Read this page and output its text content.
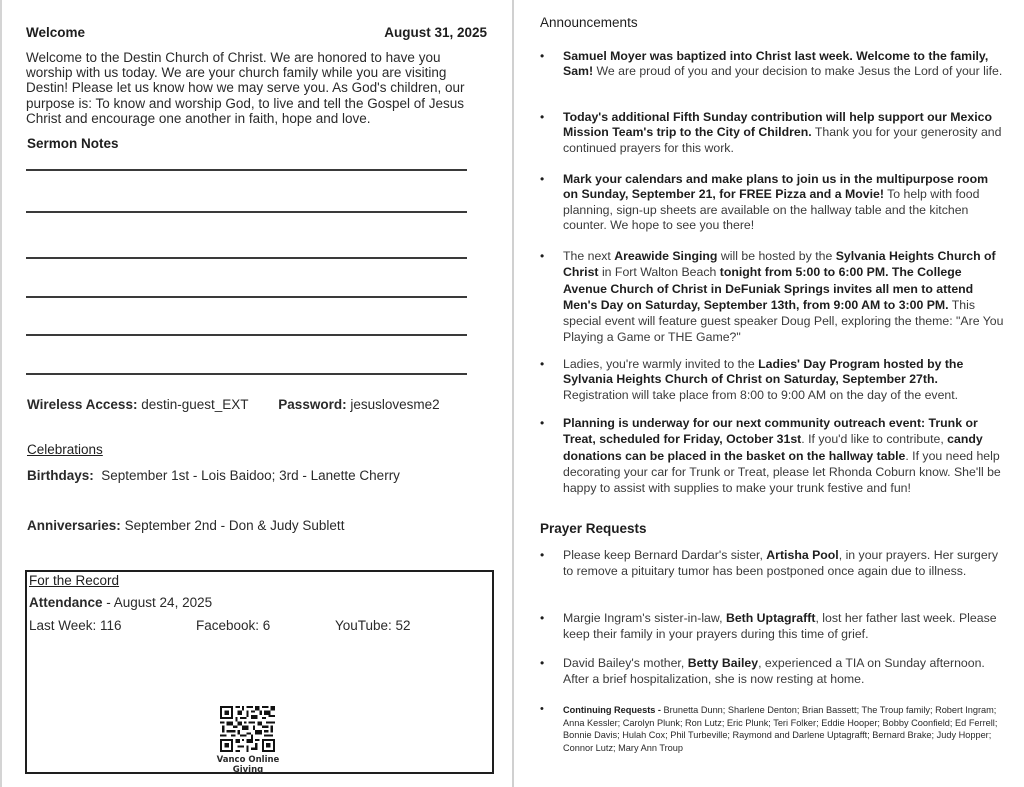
Welcome	August 31, 2025
Welcome to the Destin Church of Christ. We are honored to have you worship with us today. We are your church family while you are visiting Destin! Please let us know how we may serve you. As God's children, our purpose is: To know and worship God, to live and tell the Gospel of Jesus Christ and encourage one another in faith, hope and love.
Sermon Notes
Wireless Access: destin-guest_EXT Password: jesuslovesme2
Celebrations
Birthdays: September 1st - Lois Baidoo; 3rd - Lanette Cherry
Anniversaries: September 2nd - Don & Judy Sublett
For the Record
Attendance - August 24, 2025
Last Week: 116	Facebook: 6	YouTube: 52
Vanco Online Giving
Announcements
•	Samuel Moyer was baptized into Christ last week. Welcome to the family, Sam! We are proud of you and your decision to make Jesus the Lord of your life.
•	Today's additional Fifth Sunday contribution will help support our Mexico Mission Team's trip to the City of Children. Thank you for your generosity and continued prayers for this work.
•	Mark your calendars and make plans to join us in the multipurpose room on Sunday, September 21, for FREE Pizza and a Movie! To help with food planning, sign-up sheets are available on the hallway table and the kitchen counter. We hope to see you there!
•	The next Areawide Singing will be hosted by the Sylvania Heights Church of Christ in Fort Walton Beach tonight from 5:00 to 6:00 PM. The College Avenue Church of Christ in DeFuniak Springs invites all men to attend Men's Day on Saturday, September 13th, from 9:00 AM to 3:00 PM. This special event will feature guest speaker Doug Pell, exploring the theme: "Are You Playing a Game or THE Game?"
•	Ladies, you're warmly invited to the Ladies' Day Program hosted by the Sylvania Heights Church of Christ on Saturday, September 27th. Registration will take place from 8:00 to 9:00 AM on the day of the event.
•	Planning is underway for our next community outreach event: Trunk or Treat, scheduled for Friday, October 31st. If you'd like to contribute, candy donations can be placed in the basket on the hallway table. If you need help decorating your car for Trunk or Treat, please let Rhonda Coburn know. She'll be happy to assist with supplies to make your trunk festive and fun!
Prayer Requests
•	Please keep Bernard Dardar's sister, Artisha Pool, in your prayers. Her surgery to remove a pituitary tumor has been postponed once again due to illness.
•	Margie Ingram's sister-in-law, Beth Uptagrafft, lost her father last week. Please keep their family in your prayers during this time of grief.
•	David Bailey's mother, Betty Bailey, experienced a TIA on Sunday afternoon. After a brief hospitalization, she is now resting at home.
•	Continuing Requests - Brunetta Dunn; Sharlene Denton; Brian Bassett; The Troup family; Robert Ingram; Anna Kessler; Carolyn Plunk; Ron Lutz; Eric Plunk; Teri Folker; Eddie Hooper; Bobby Coonfield; Ed Ferrell; Bonnie Davis; Hulah Cox; Phil Turbeville; Raymond and Darlene Uptagrafft; Bernard Brake; Judy Hopper; Connor Lutz; Mary Ann Troup
